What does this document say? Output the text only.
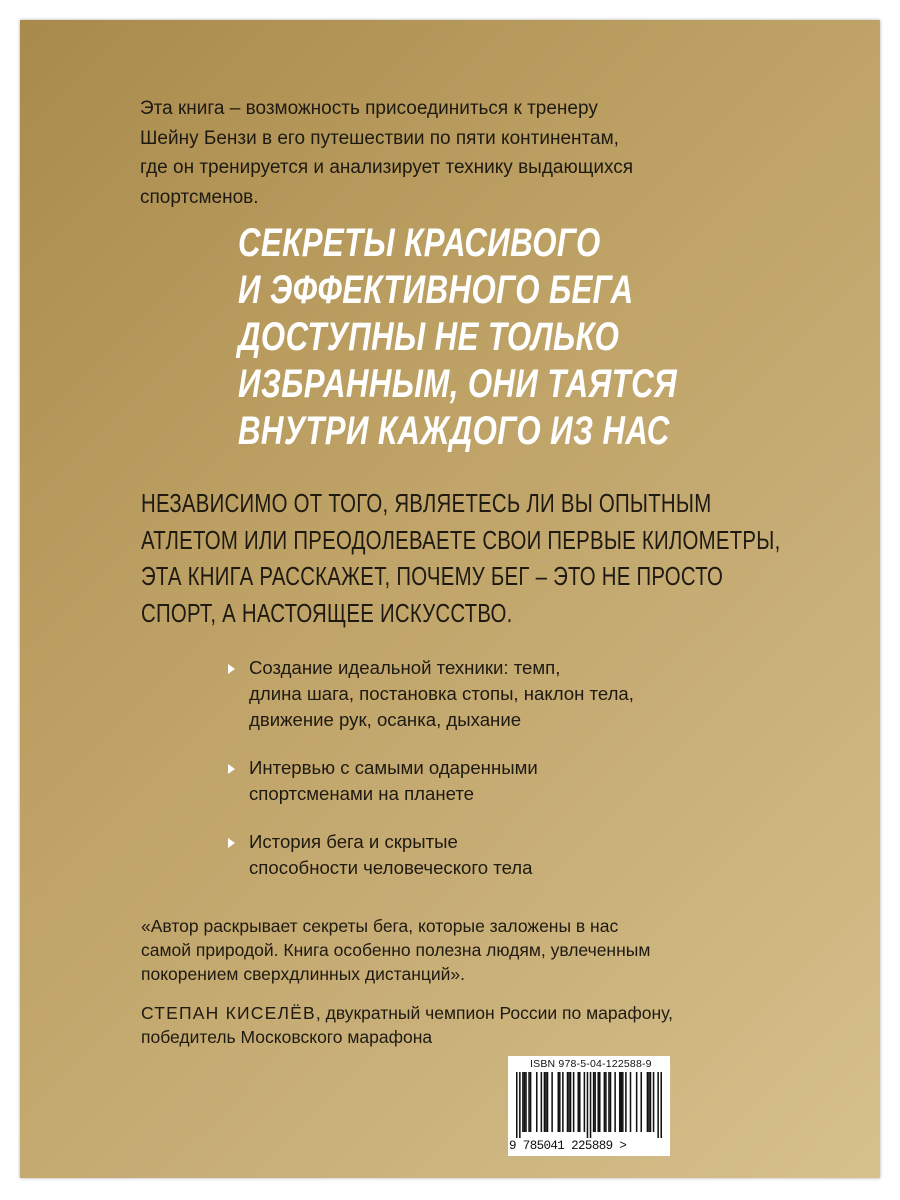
Эта книга – возможность присоединиться к тренеру
Шейну Бензи в его путешествии по пяти континентам,
где он тренируется и анализирует технику выдающихся
спортсменов.
СЕКРЕТЫ КРАСИВОГО
И ЭФФЕКТИВНОГО БЕГА
ДОСТУПНЫ НЕ ТОЛЬКО
ИЗБРАННЫМ, ОНИ ТАЯТСЯ
ВНУТРИ КАЖДОГО ИЗ НАС
НЕЗАВИСИМО ОТ ТОГО, ЯВЛЯЕТЕСЬ ЛИ ВЫ ОПЫТНЫМ
АТЛЕТОМ ИЛИ ПРЕОДОЛЕВАЕТЕ СВОИ ПЕРВЫЕ КИЛОМЕТРЫ,
ЭТА КНИГА РАССКАЖЕТ, ПОЧЕМУ БЕГ – ЭТО НЕ ПРОСТО
СПОРТ, А НАСТОЯЩЕЕ ИСКУССТВО.
Создание идеальной техники: темп,
длина шага, постановка стопы, наклон тела,
движение рук, осанка, дыхание
Интервью с самыми одаренными
спортсменами на планете
История бега и скрытые
способности человеческого тела
«Автор раскрывает секреты бега, которые заложены в нас
самой природой. Книга особенно полезна людям, увлеченным
покорением сверхдлинных дистанций».
СТЕПАН КИСЕЛЁВ, двукратный чемпион России по марафону,
победитель Московского марафона
ISBN 978-5-04-122588-9
9 785041 225889 >
